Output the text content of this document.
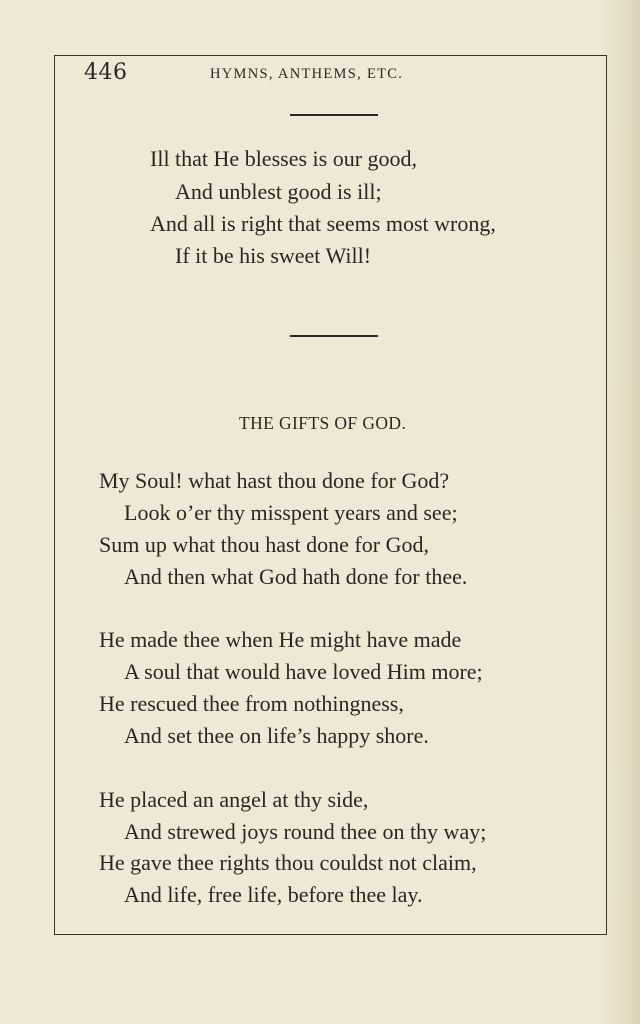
446	HYMNS, ANTHEMS, ETC.
Ill that He blesses is our good,
And unblest good is ill;
And all is right that seems most wrong,
If it be his sweet Will!
THE GIFTS OF GOD.
My Soul! what hast thou done for God?
Look o’er thy misspent years and see;
Sum up what thou hast done for God,
And then what God hath done for thee.
He made thee when He might have made
A soul that would have loved Him more;
He rescued thee from nothingness,
And set thee on life’s happy shore.
He placed an angel at thy side,
And strewed joys round thee on thy way;
He gave thee rights thou couldst not claim,
And life, free life, before thee lay.
